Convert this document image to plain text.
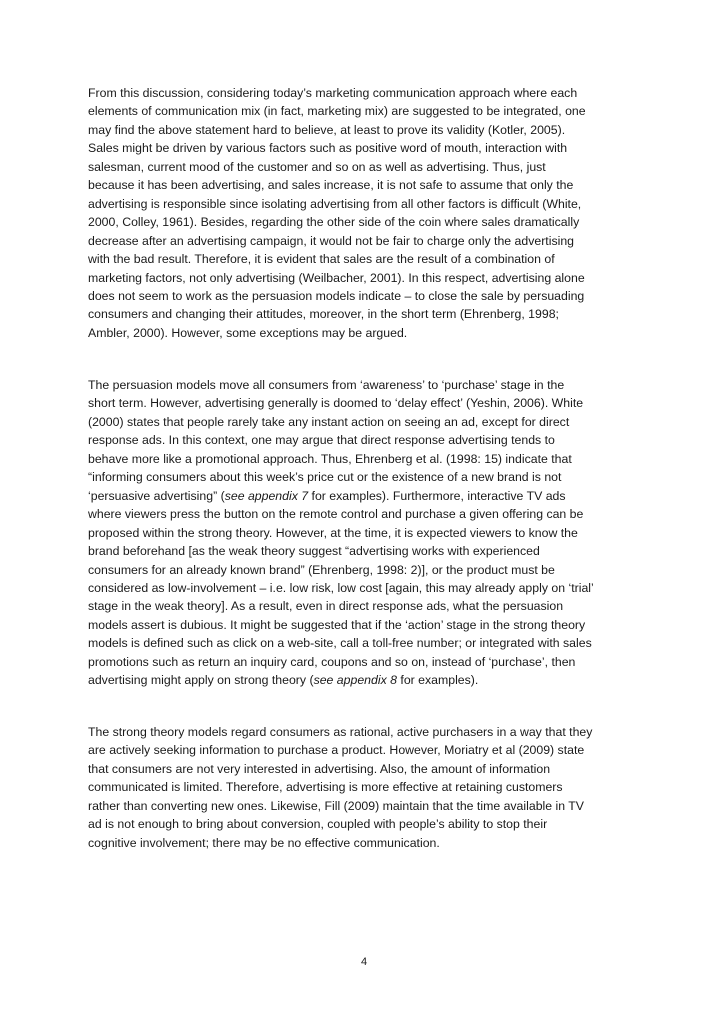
From this discussion, considering today’s marketing communication approach where each
elements of communication mix (in fact, marketing mix) are suggested to be integrated, one
may find the above statement hard to believe, at least to prove its validity (Kotler, 2005).
Sales might be driven by various factors such as positive word of mouth, interaction with
salesman, current mood of the customer and so on as well as advertising. Thus, just
because it has been advertising, and sales increase, it is not safe to assume that only the
advertising is responsible since isolating advertising from all other factors is difficult (White,
2000, Colley, 1961). Besides, regarding the other side of the coin where sales dramatically
decrease after an advertising campaign, it would not be fair to charge only the advertising
with the bad result. Therefore, it is evident that sales are the result of a combination of
marketing factors, not only advertising (Weilbacher, 2001). In this respect, advertising alone
does not seem to work as the persuasion models indicate – to close the sale by persuading
consumers and changing their attitudes, moreover, in the short term (Ehrenberg, 1998;
Ambler, 2000). However, some exceptions may be argued.

The persuasion models move all consumers from ‘awareness’ to ‘purchase’ stage in the
short term. However, advertising generally is doomed to ‘delay effect’ (Yeshin, 2006). White
(2000) states that people rarely take any instant action on seeing an ad, except for direct
response ads. In this context, one may argue that direct response advertising tends to
behave more like a promotional approach. Thus, Ehrenberg et al. (1998: 15) indicate that
“informing consumers about this week’s price cut or the existence of a new brand is not
‘persuasive advertising” (see appendix 7 for examples). Furthermore, interactive TV ads
where viewers press the button on the remote control and purchase a given offering can be
proposed within the strong theory. However, at the time, it is expected viewers to know the
brand beforehand [as the weak theory suggest “advertising works with experienced
consumers for an already known brand” (Ehrenberg, 1998: 2)], or the product must be
considered as low-involvement – i.e. low risk, low cost [again, this may already apply on ‘trial’
stage in the weak theory]. As a result, even in direct response ads, what the persuasion
models assert is dubious. It might be suggested that if the ‘action’ stage in the strong theory
models is defined such as click on a web-site, call a toll-free number; or integrated with sales
promotions such as return an inquiry card, coupons and so on, instead of ‘purchase’, then
advertising might apply on strong theory (see appendix 8 for examples).

The strong theory models regard consumers as rational, active purchasers in a way that they
are actively seeking information to purchase a product. However, Moriatry et al (2009) state
that consumers are not very interested in advertising. Also, the amount of information
communicated is limited. Therefore, advertising is more effective at retaining customers
rather than converting new ones. Likewise, Fill (2009) maintain that the time available in TV
ad is not enough to bring about conversion, coupled with people’s ability to stop their
cognitive involvement; there may be no effective communication.

4
